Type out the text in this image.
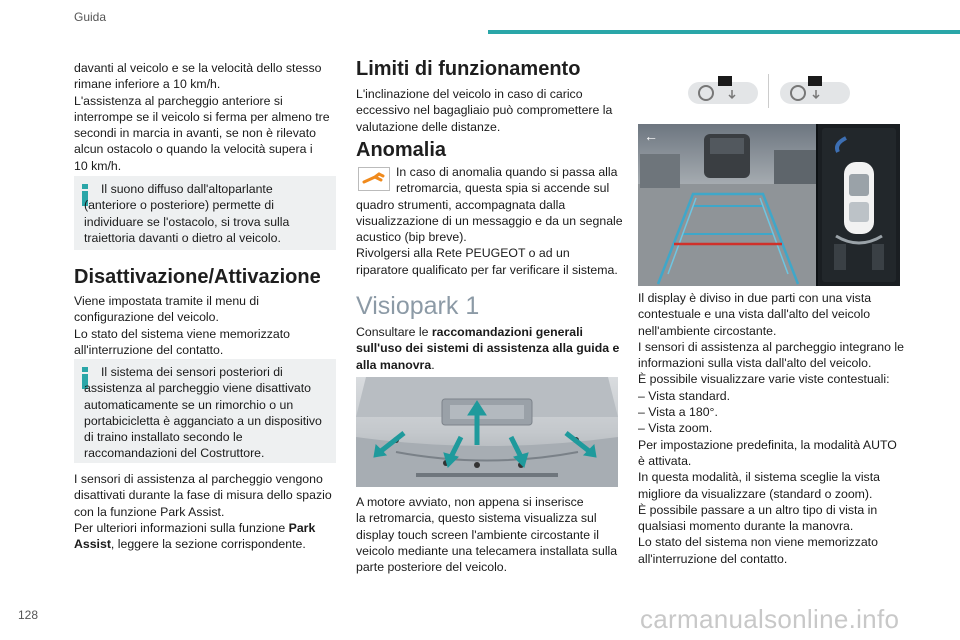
Guida

davanti al veicolo e se la velocità dello stesso

rimane inferiore a 10 km/h.

L'assistenza al parcheggio anteriore si

interrompe se il veicolo si ferma per almeno tre

secondi in marcia in avanti, se non è rilevato

alcun ostacolo o quando la velocità supera i

10 km/h.

Il suono diffuso dall'altoparlante (anteriore o posteriore) permette di individuare se l'ostacolo, si trova sulla traiettoria davanti o dietro al veicolo.
Disattivazione/Attivazione

Viene impostata tramite il menu di

configurazione del veicolo.

Lo stato del sistema viene memorizzato

all'interruzione del contatto.

Il sistema dei sensori posteriori di assistenza al parcheggio viene disattivato automaticamente se un rimorchio o un portabicicletta è agganciato a un dispositivo di traino installato secondo le raccomandazioni del Costruttore.

I sensori di assistenza al parcheggio vengono

disattivati durante la fase di misura dello spazio

con la funzione Park Assist.

Per ulteriori informazioni sulla funzione Park

Assist, leggere la sezione corrispondente.

Limiti di funzionamento

L'inclinazione del veicolo in caso di carico

eccessivo nel bagagliaio può compromettere la

valutazione delle distanze.

Anomalia

In caso di anomalia quando si passa alla

retromarcia, questa spia si accende sul

quadro strumenti, accompagnata dalla

visualizzazione di un messaggio e da un segnale

acustico (bip breve).

Rivolgersi alla Rete PEUGEOT o ad un

riparatore qualificato per far verificare il sistema.

Visiopark 1

Consultare le raccomandazioni generali

sull'uso dei sistemi di assistenza alla guida e

alla manovra.

A motore avviato, non appena si inserisce

la retromarcia, questo sistema visualizza sul

display touch screen l'ambiente circostante il

veicolo mediante una telecamera installata sulla

parte posteriore del veicolo.

←

Il display è diviso in due parti con una vista

contestuale e una vista dall'alto del veicolo

nell'ambiente circostante.

I sensori di assistenza al parcheggio integrano le

informazioni sulla vista dall'alto del veicolo.

È possibile visualizzare varie viste contestuali:

– Vista standard.

– Vista a 180°.

– Vista zoom.

Per impostazione predefinita, la modalità AUTO

è attivata.

In questa modalità, il sistema sceglie la vista

migliore da visualizzare (standard o zoom).

È possibile passare a un altro tipo di vista in

qualsiasi momento durante la manovra.

Lo stato del sistema non viene memorizzato

all'interruzione del contatto.

128	carmanualsonline.info
